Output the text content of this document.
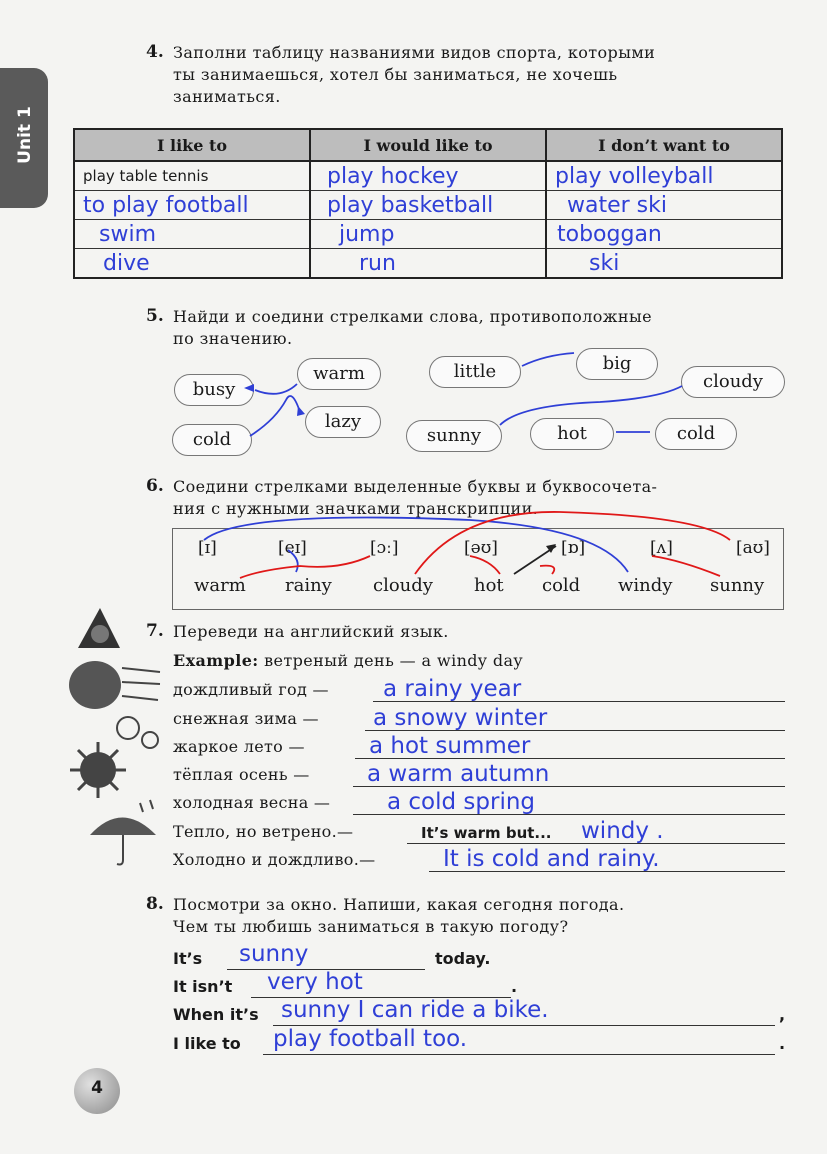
Unit 1
4. Заполни таблицу названиями видов спорта, которыми
ты занимаешься, хотел бы заниматься, не хочешь
заниматься.
I like to	I would like to	I don’t want to
play table tennis	play hockey	play volleyball
to play football	play basketball	water ski
swim	jump	toboggan
dive	run	ski
5. Найди и соедини стрелками слова, противоположные
по значению.
busy
warm
lazy
cold
little	big
cloudy
sunny	hot	cold
6. Соедини стрелками выделенные буквы и буквосочета-
ния с нужными значками транскрипции.
[ɪ]	[eɪ]	[ɔː]	[əʊ]	[ɒ]	[ʌ]	[aʊ]
warm rainy cloudy hot cold windy sunny
7. Переведи на английский язык.
Example: ветреный день — a windy day
дождливый год — a rainy year
снежная зима — a snowy winter
жаркое лето —	a hot summer
тёплая осень — a warm autumn
холодная весна — a cold spring
Тепло, но ветрено.—	It’s warm but... windy .
Холодно и дождливо.—	It is cold and rainy.
8. Посмотри за окно. Напиши, какая сегодня погода.
Чем ты любишь заниматься в такую погоду?
It’s sunny	today.
It isn’t very hot	.
When it’s sunny I can ride a bike.	,
I like to play football too.	.
4
